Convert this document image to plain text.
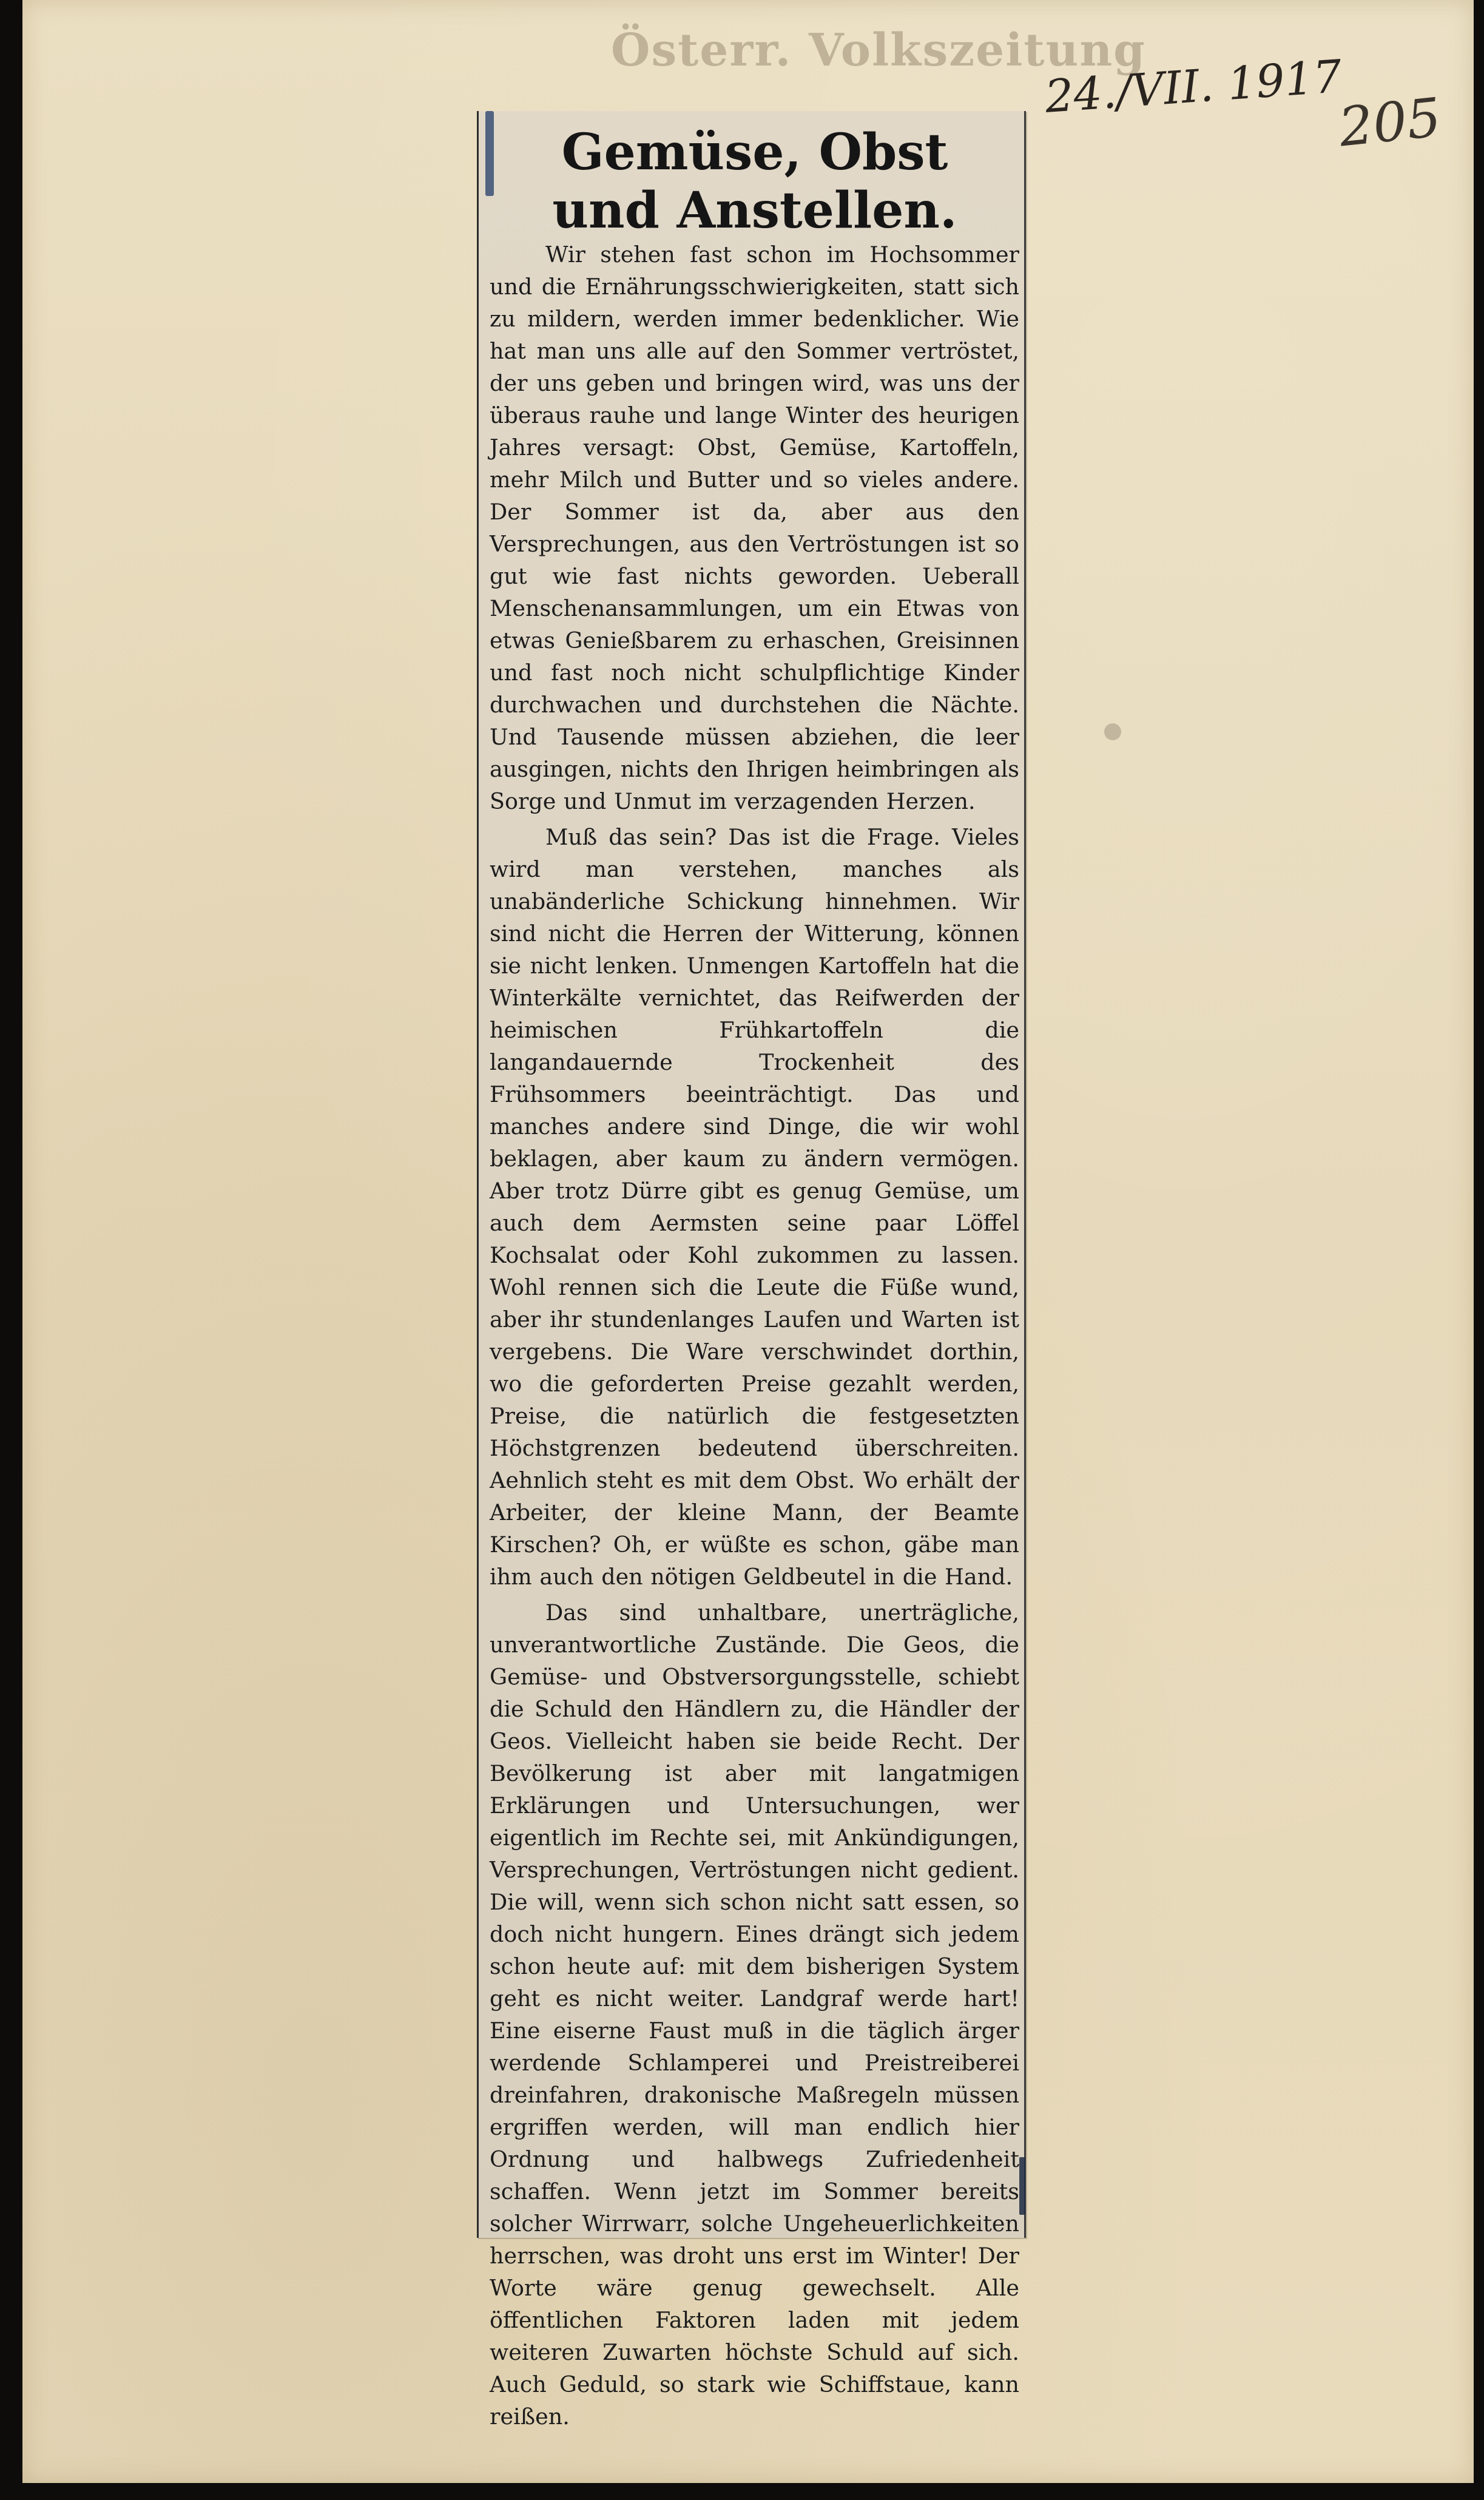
Österr. Volkszeitung
24./VII. 1917
205
Gemüse, Obst und Anstellen.

Wir stehen fast schon im Hochsommer und die Ernährungsschwierigkeiten, statt sich zu mildern, werden immer bedenklicher. Wie hat man uns alle auf den Sommer vertröstet, der uns geben und bringen wird, was uns der überaus rauhe und lange Winter des heurigen Jahres versagt: Obst, Gemüse, Kartoffeln, mehr Milch und Butter und so vieles andere. Der Sommer ist da, aber aus den Versprechungen, aus den Vertröstungen ist so gut wie fast nichts geworden. Ueberall Menschenansammlungen, um ein Etwas von etwas Genießbarem zu erhaschen, Greisinnen und fast noch nicht schulpflichtige Kinder durchwachen und durchstehen die Nächte. Und Tausende müssen abziehen, die leer ausgingen, nichts den Ihrigen heimbringen als Sorge und Unmut im verzagenden Herzen.

Muß das sein? Das ist die Frage. Vieles wird man verstehen, manches als unabänderliche Schickung hinnehmen. Wir sind nicht die Herren der Witterung, können sie nicht lenken. Unmengen Kartoffeln hat die Winterkälte vernichtet, das Reifwerden der heimischen Frühkartoffeln die langandauernde Trockenheit des Frühsommers beeinträchtigt. Das und manches andere sind Dinge, die wir wohl beklagen, aber kaum zu ändern vermögen. Aber trotz Dürre gibt es genug Gemüse, um auch dem Aermsten seine paar Löffel Kochsalat oder Kohl zukommen zu lassen. Wohl rennen sich die Leute die Füße wund, aber ihr stundenlanges Laufen und Warten ist vergebens. Die Ware verschwindet dorthin, wo die geforderten Preise gezahlt werden, Preise, die natürlich die festgesetzten Höchstgrenzen bedeutend überschreiten. Aehnlich steht es mit dem Obst. Wo erhält der Arbeiter, der kleine Mann, der Beamte Kirschen? Oh, er wüßte es schon, gäbe man ihm auch den nötigen Geldbeutel in die Hand.

Das sind unhaltbare, unerträgliche, unverantwortliche Zustände. Die Geos, die Gemüse- und Obstversorgungsstelle, schiebt die Schuld den Händlern zu, die Händler der Geos. Vielleicht haben sie beide Recht. Der Bevölkerung ist aber mit langatmigen Erklärungen und Untersuchungen, wer eigentlich im Rechte sei, mit Ankündigungen, Versprechungen, Vertröstungen nicht gedient. Die will, wenn sich schon nicht satt essen, so doch nicht hungern. Eines drängt sich jedem schon heute auf: mit dem bisherigen System geht es nicht weiter. Landgraf werde hart! Eine eiserne Faust muß in die täglich ärger werdende Schlamperei und Preistreiberei dreinfahren, drakonische Maßregeln müssen ergriffen werden, will man endlich hier Ordnung und halbwegs Zufriedenheit schaffen. Wenn jetzt im Sommer bereits solcher Wirrwarr, solche Ungeheuerlichkeiten herrschen, was droht uns erst im Winter! Der Worte wäre genug gewechselt. Alle öffentlichen Faktoren laden mit jedem weiteren Zuwarten höchste Schuld auf sich. Auch Geduld, so stark wie Schiffstaue, kann reißen.
